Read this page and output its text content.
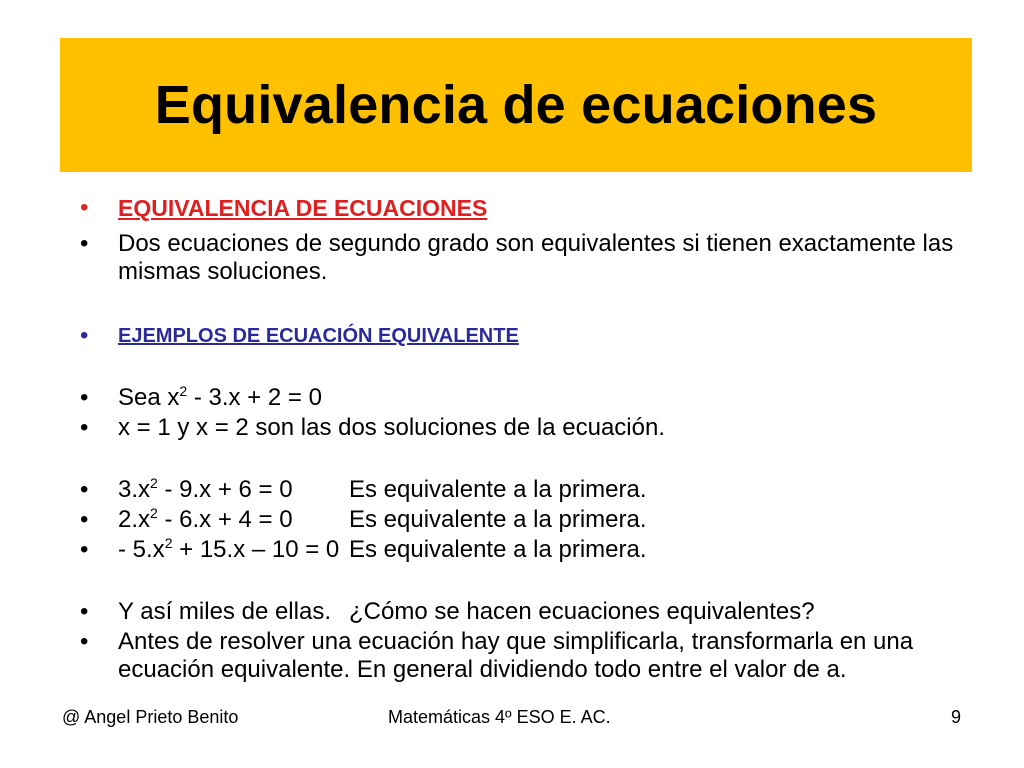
Equivalencia de ecuaciones
•	EQUIVALENCIA DE ECUACIONES
•	Dos ecuaciones de segundo grado son equivalentes si tienen exactamente las mismas soluciones.
•	EJEMPLOS DE ECUACIÓN EQUIVALENTE
•	Sea $x^2 - 3.x + 2 = 0$
•	x = 1 y x = 2 son las dos soluciones de la ecuación.
•	$3.x^2 - 9.x + 6 = 0$	Es equivalente a la primera.
•	$2.x^2 - 6.x + 4 = 0$	Es equivalente a la primera.
•	- $5.x^2 + 15.x - 10 = 0$ Es equivalente a la primera.
•	Y así miles de ellas. ¿Cómo se hacen ecuaciones equivalentes?
•	Antes de resolver una ecuación hay que simplificarla, transformarla en una ecuación equivalente. En general dividiendo todo entre el valor de a.
@ Angel Prieto Benito	Matemáticas 4º ESO E. AC.	9
